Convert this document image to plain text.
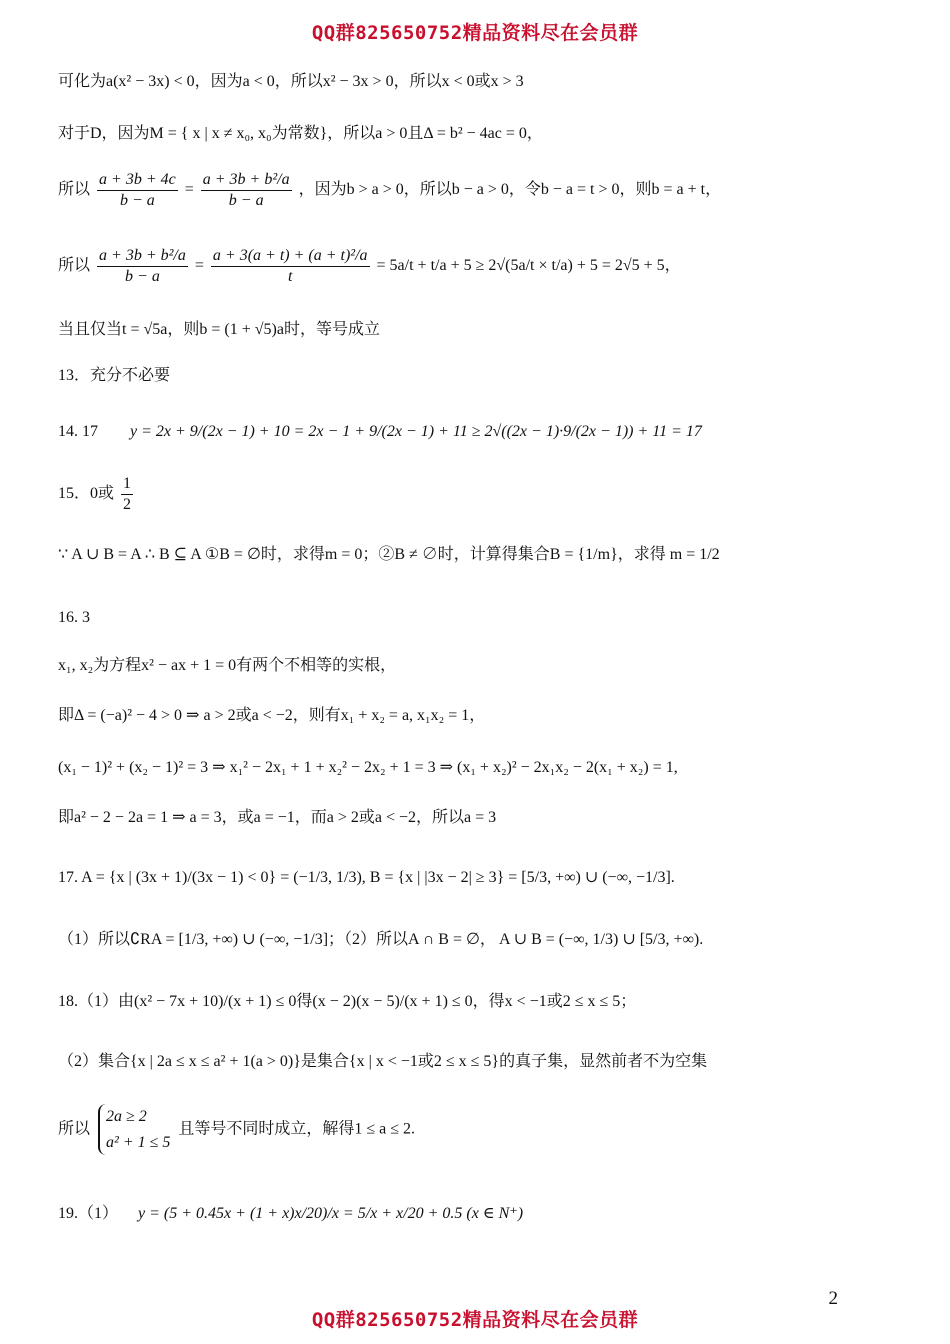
QQ群825650752精品资料尽在会员群
可化为a(x² − 3x) < 0，因为a < 0，所以x² − 3x > 0，所以x < 0或x > 3
对于D，因为M = { x | x ≠ x₀, x₀为常数}，所以a > 0且Δ = b² − 4ac = 0，
所以 $\frac{a + 3b + 4c}{b - a} = \frac{\text{a + 3b + b²/a}}{b - a}$ ，因为b > a > 0，所以b − a > 0，令b − a = t > 0，则b = a + t，
所以 $\frac{\text{a + 3b + b²/a}}{b - a} = \frac{\text{a + 3(a + t) + (a + t)²/a}}{t} = 5a/t + t/a + 5 \ge 2√(5a/t \times t/a) + 5 = 2√5 + 5$，
当且仅当t = √5a，则b = (1 + √5)a时，等号成立
13．充分不必要
14. 17 y = 2x + 9/(2x − 1) + 10 = 2x − 1 + 9/(2x − 1) + 11 ≥ 2√((2x − 1)·9/(2x − 1)) + 11 = 17
15．0或 $\frac{1}{2}$
∵ A ∪ B = A ∴ B ⊆ A ①B = ∅时，求得m = 0；②B ≠ ∅时，计算得集合B = {1/m}，求得 m = 1/2
16. 3
x₁, x₂为方程x² − ax + 1 = 0有两个不相等的实根，
即Δ = (−a)² − 4 > 0 ⇒ a > 2或a < −2，则有x₁ + x₂ = a, x₁x₂ = 1，
(x₁ − 1)² + (x₂ − 1)² = 3 ⇒ x₁² − 2x₁ + 1 + x₂² − 2x₂ + 1 = 3 ⇒ (x₁ + x₂)² − 2x₁x₂ − 2(x₁ + x₂) = 1,
即a² − 2 − 2a = 1 ⇒ a = 3，或a = −1，而a > 2或a < −2，所以a = 3
17. A = {x | (3x + 1)/(3x − 1) < 0} = (−1/3, 1/3), B = {x | |3x − 2| ≥ 3} = [5/3, +∞) ∪ (−∞, −1/3].
（1）所以∁RA = [1/3, +∞) ∪ (−∞, −1/3]；（2）所以A ∩ B = ∅， A ∪ B = (−∞, 1/3) ∪ [5/3, +∞).
18.（1）由(x² − 7x + 10)/(x + 1) ≤ 0得(x − 2)(x − 5)/(x + 1) ≤ 0，得x < −1或2 ≤ x ≤ 5；
（2）集合{x | 2a ≤ x ≤ a² + 1(a > 0)}是集合{x | x < −1或2 ≤ x ≤ 5}的真子集，显然前者不为空集
所以
2a ≥ 2
a² + 1 ≤ 5
且等号不同时成立，解得1 ≤ a ≤ 2.
19.（1） y = (5 + 0.45x + (1 + x)x/20)/x = 5/x + x/20 + 0.5 (x ∈ N⁺)
2
QQ群825650752精品资料尽在会员群
